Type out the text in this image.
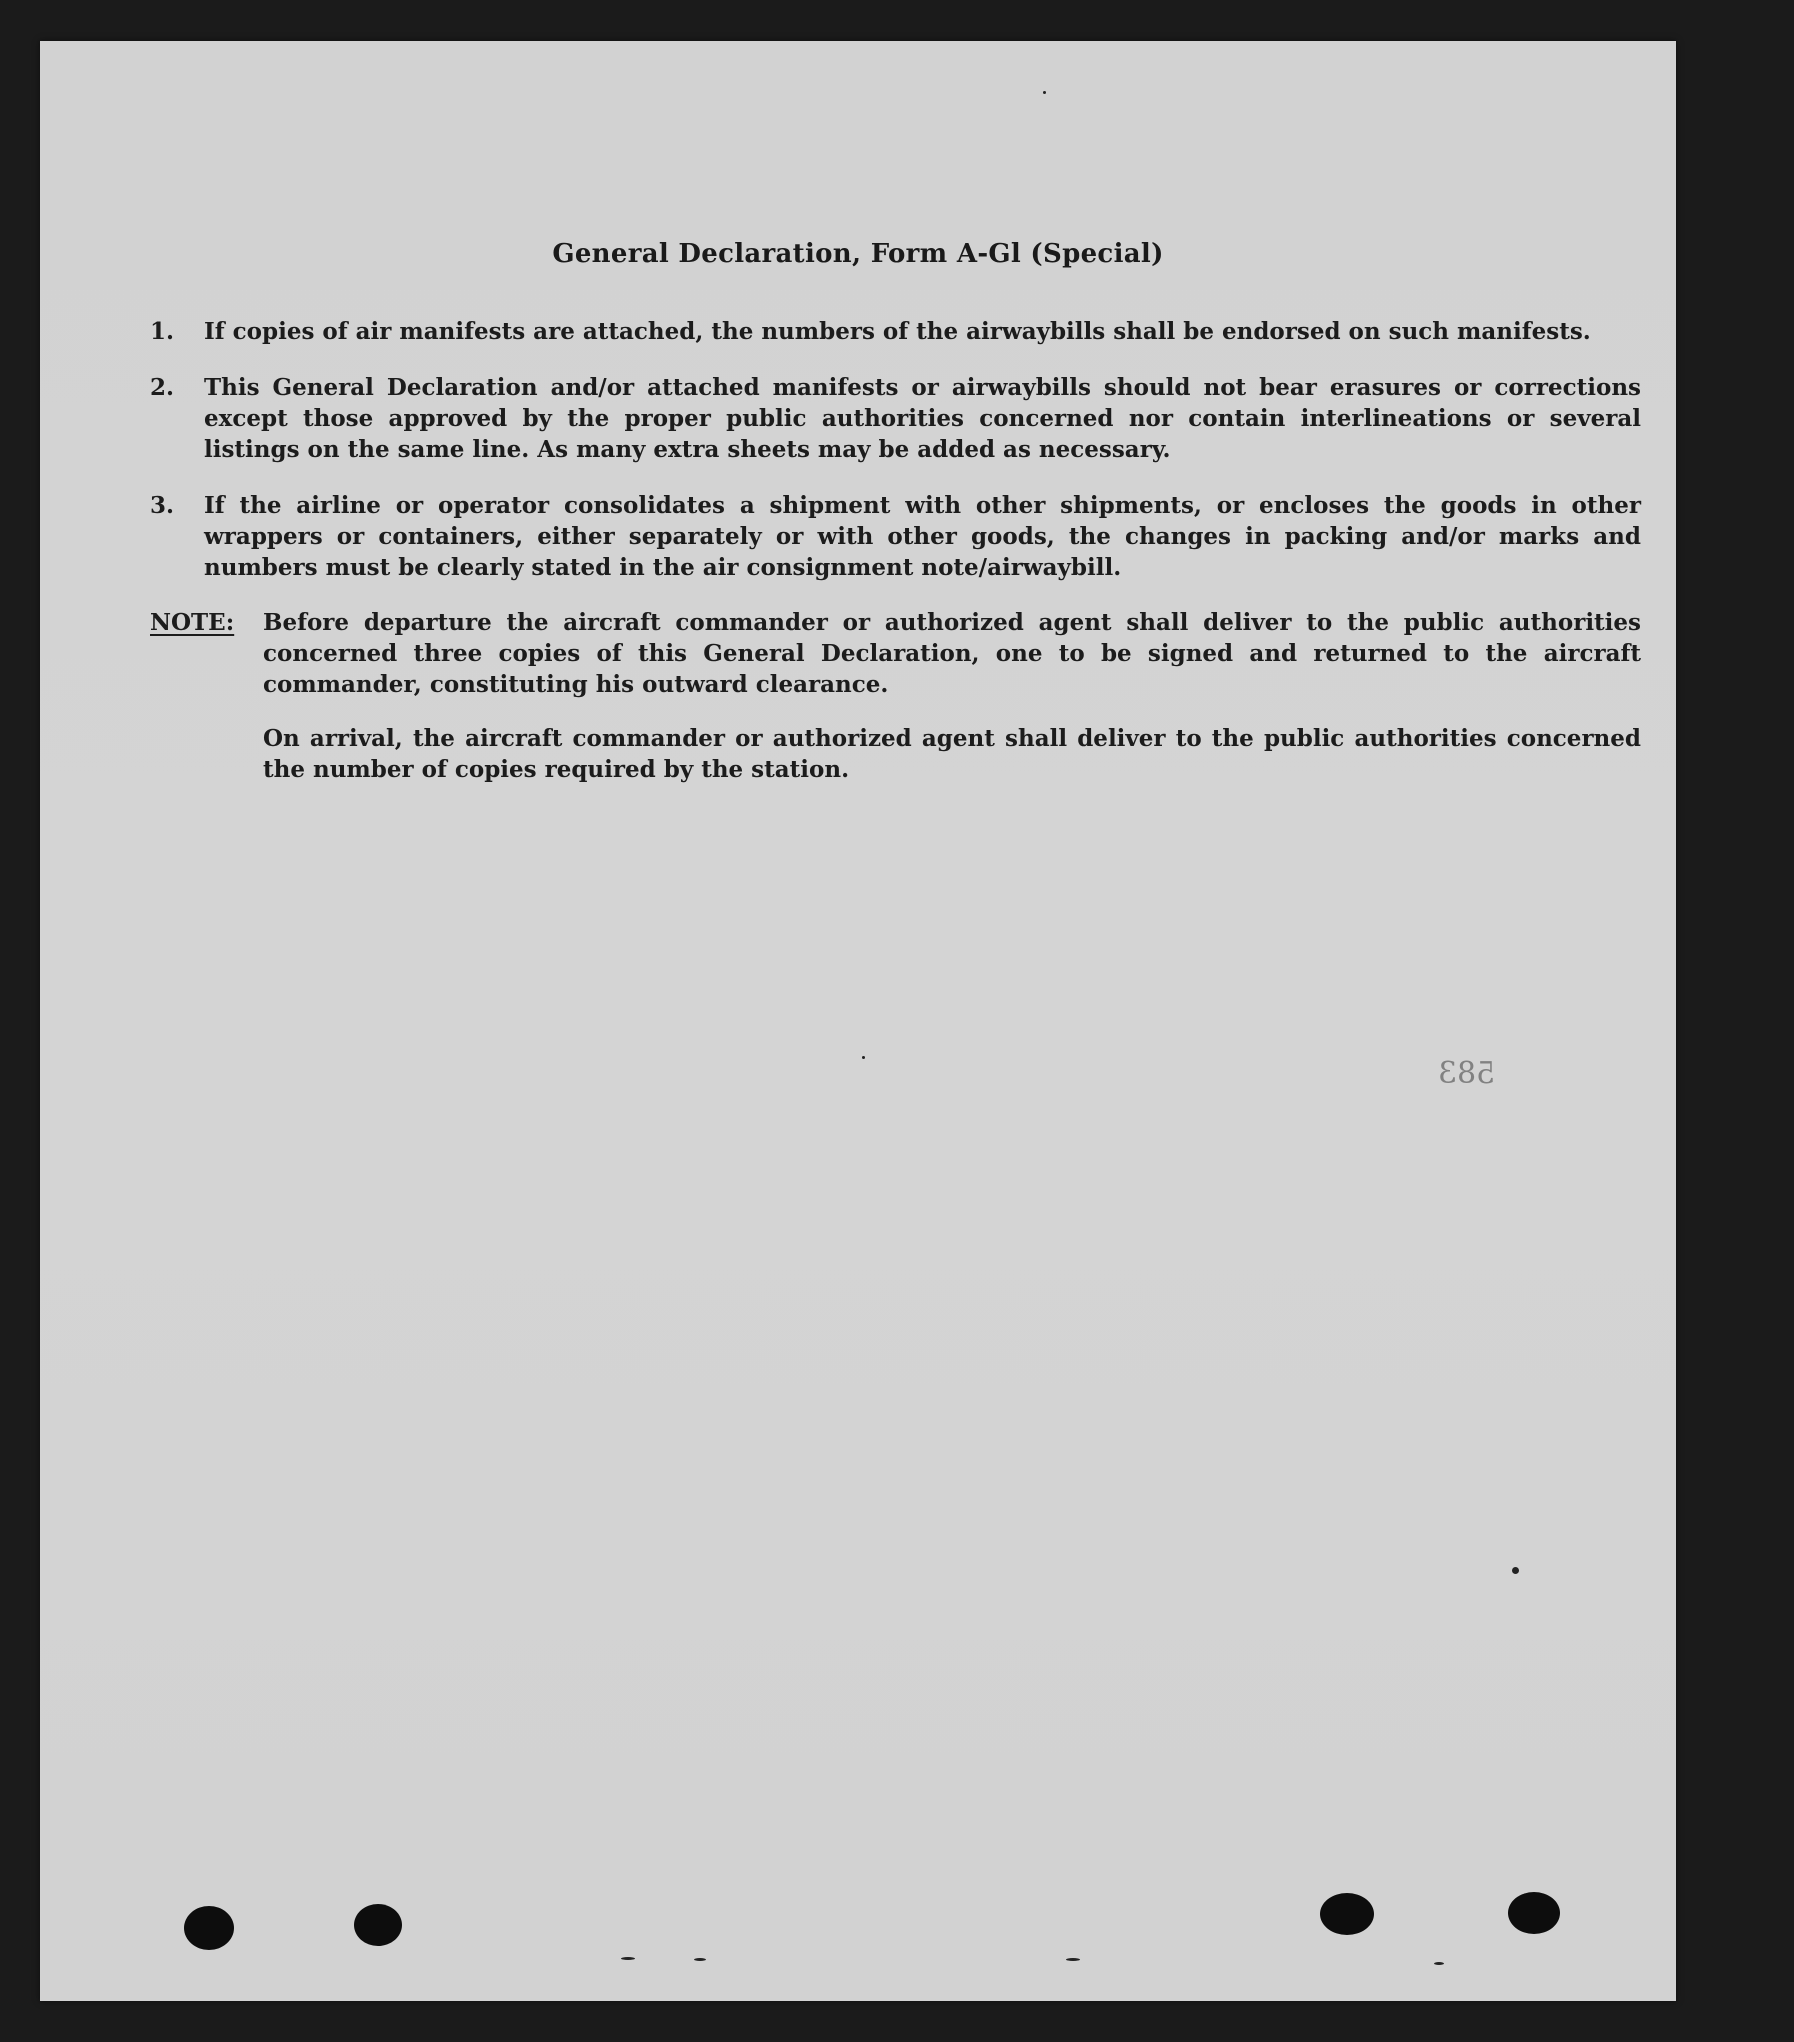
General Declaration, Form A-Gl (Special)
1.	If copies of air manifests are attached, the numbers of the airwaybills shall be endorsed on such manifests.
2.	This General Declaration and/or attached manifests or airwaybills should not bear erasures or corrections except those approved by the proper public authorities concerned nor contain interlineations or several listings on the same line. As many extra sheets may be added as necessary.
3.	If the airline or operator consolidates a shipment with other shipments, or encloses the goods in other wrappers or containers, either separately or with other goods, the changes in packing and/or marks and numbers must be clearly stated in the air consignment note/airwaybill.
NOTE: Before departure the aircraft commander or authorized agent shall deliver to the public authorities concerned three copies of this General Declaration, one to be signed and returned to the aircraft commander, constituting his outward clearance.
On arrival, the aircraft commander or authorized agent shall deliver to the public authorities concerned the number of copies required by the station.
583
